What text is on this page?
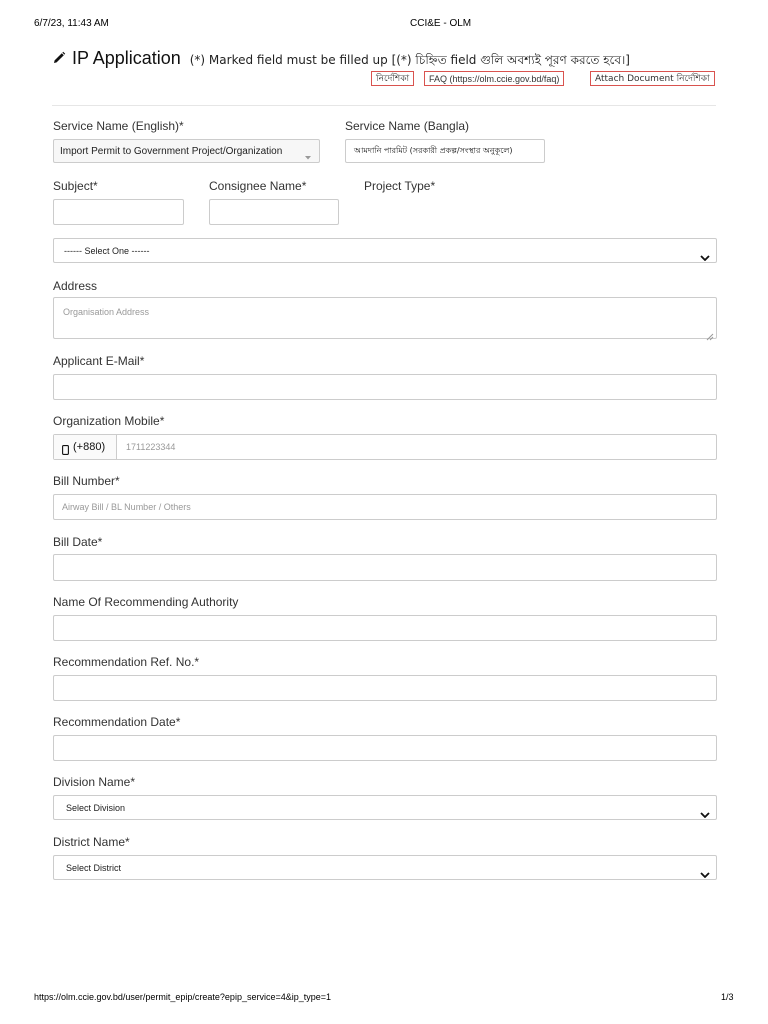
6/7/23, 11:43 AM	CCI&E - OLM
IP Application (*) Marked field must be filled up [(*) চিহ্নিত field গুলি অবশ্যই পূরণ করতে হবে।]
নির্দেশিকা	FAQ (https://olm.ccie.gov.bd/faq)	Attach Document নির্দেশিকা
Service Name (English)*
Import Permit to Government Project/Organization
Service Name (Bangla)
আমদানি পারমিট (সরকারী প্রকল্প/সংস্থার অনুকূলে)
Subject*	Consignee Name*	Project Type*
------ Select One ------
Address
Organisation Address
Applicant E-Mail*
Organization Mobile*
(+880) 1711223344
Bill Number*
Airway Bill / BL Number / Others
Bill Date*
Name Of Recommending Authority
Recommendation Ref. No.*
Recommendation Date*
Division Name*
Select Division
District Name*
Select District
https://olm.ccie.gov.bd/user/permit_epip/create?epip_service=4&ip_type=1	1/3
